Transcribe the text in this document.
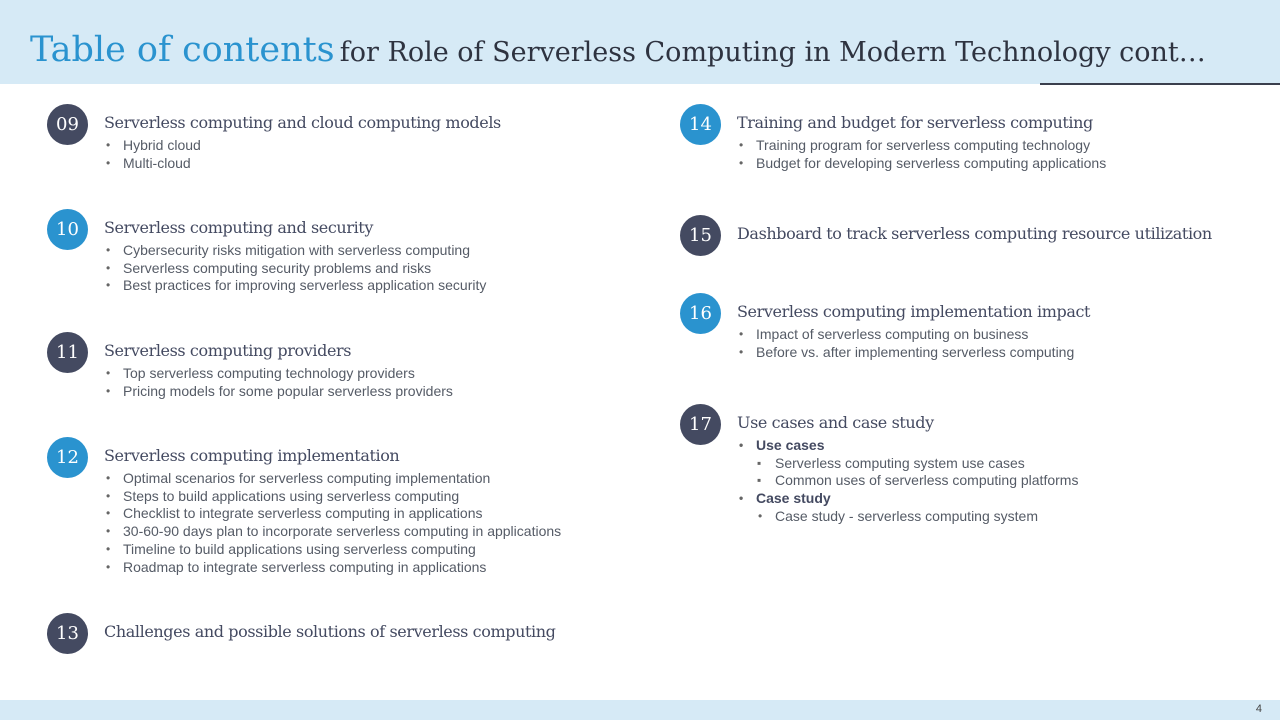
Table of contents for Role of Serverless Computing in Modern Technology cont…
09	Serverless computing and cloud computing models
• Hybrid cloud
• Multi-cloud
10	Serverless computing and security
• Cybersecurity risks mitigation with serverless computing
• Serverless computing security problems and risks
• Best practices for improving serverless application security
11	Serverless computing providers
• Top serverless computing technology providers
• Pricing models for some popular serverless providers
12	Serverless computing implementation
• Optimal scenarios for serverless computing implementation
• Steps to build applications using serverless computing
• Checklist to integrate serverless computing in applications
• 30-60-90 days plan to incorporate serverless computing in applications
• Timeline to build applications using serverless computing
• Roadmap to integrate serverless computing in applications
13	Challenges and possible solutions of serverless computing
14	Training and budget for serverless computing
• Training program for serverless computing technology
• Budget for developing serverless computing applications
15	Dashboard to track serverless computing resource utilization
16	Serverless computing implementation impact
• Impact of serverless computing on business
• Before vs. after implementing serverless computing
17	Use cases and case study
• Use cases
▪ Serverless computing system use cases
▪ Common uses of serverless computing platforms
• Case study
• Case study - serverless computing system
4
